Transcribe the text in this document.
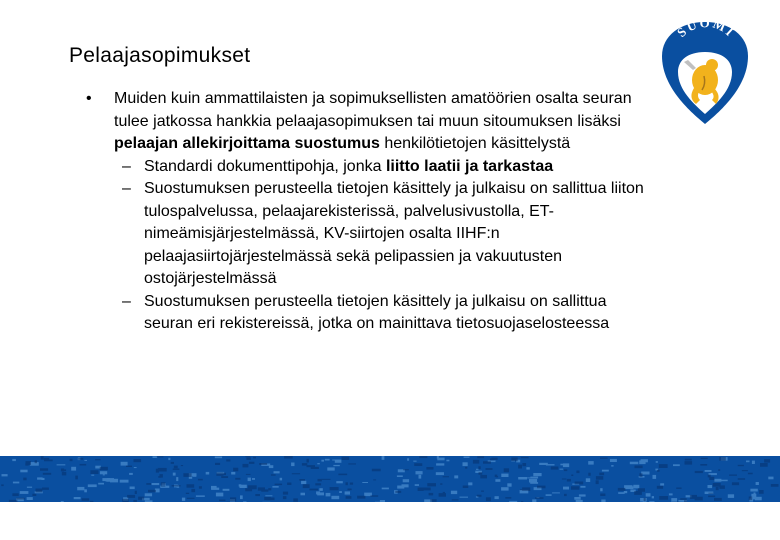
Pelaajasopimukset
• Muiden kuin ammattilaisten ja sopimuksellisten amatöörien osalta seuran tulee jatkossa hankkia pelaajasopimuksen tai muun sitoumuksen lisäksi pelaajan allekirjoittama suostumus henkilötietojen käsittelystä
– Standardi dokumenttipohja, jonka liitto laatii ja tarkastaa
– Suostumuksen perusteella tietojen käsittely ja julkaisu on sallittua liiton tulospalvelussa, pelaajarekisterissä, palvelusivustolla, ET-nimeämisjärjestelmässä, KV-siirtojen osalta IIHF:n pelaajasiirtojärjestelmässä sekä pelipassien ja vakuutusten ostojärjestelmässä
– Suostumuksen perusteella tietojen käsittely ja julkaisu on sallittua seuran eri rekistereissä, jotka on mainittava tietosuojaselosteessa
SUOMI
